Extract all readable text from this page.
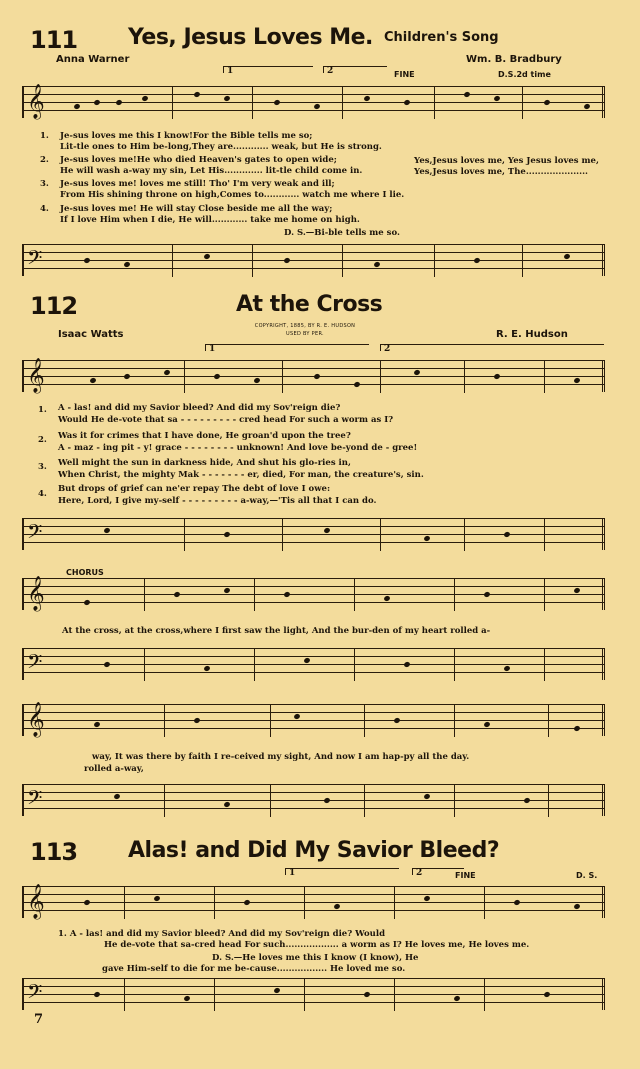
111 Yes, Jesus Loves Me. Children's Song
Anna Warner	Wm. B. Bradbury
1	2	FINE	D.S.2d time
𝄞
1. Je-sus loves me this I know!For the Bible tells me so;
Lit-tle ones to Him be-long,They are............ weak, but He is strong.
2. Je-sus loves me!He who died Heaven's gates to open wide;
He will wash a-way my sin, Let His............. lit-tle child come in.
3. Je-sus loves me! loves me still! Tho' I'm very weak and ill;
From His shining throne on high,Comes to............ watch me where I lie.
4. Je-sus loves me! He will stay Close beside me all the way;
If I love Him when I die, He will............ take me home on high.
Yes,Jesus loves me, Yes Jesus loves me,
Yes,Jesus loves me, The.....................
D. S.—Bi-ble tells me so.
𝄢
112	At the Cross
COPYRIGHT, 1885, BY R. E. HUDSON
USED BY PER.
Isaac Watts	R. E. Hudson
1	2
𝄞
1. A - las! and did my Savior bleed? And did my Sov'reign die?
Would He de-vote that sa - - - - - - - - - cred head For such a worm as I?
2. Was it for crimes that I have done, He groan'd upon the tree?
A - maz - ing pit - y! grace - - - - - - - - unknown! And love be-yond de - gree!
3. Well might the sun in darkness hide, And shut his glo-ries in,
When Christ, the mighty Mak - - - - - - - er, died, For man, the creature's, sin.
4. But drops of grief can ne'er repay The debt of love I owe:
Here, Lord, I give my-self - - - - - - - - - a-way,—'Tis all that I can do.
𝄢
CHORUS
𝄞
At the cross, at the cross,where I first saw the light, And the bur-den of my heart rolled a-
𝄢
𝄞
way, It was there by faith I re-ceived my sight, And now I am hap-py all the day.
rolled a-way,
𝄢
113 Alas! and Did My Savior Bleed?
1	2	FINE	D. S.
𝄞
1. A - las! and did my Savior bleed? And did my Sov'reign die? Would
He de-vote that sa-cred head For such.................. a worm as I? He loves me, He loves me.
D. S.—He loves me this I know (I know), He
gave Him-self to die for me be-cause................. He loved me so.
𝄢
7
